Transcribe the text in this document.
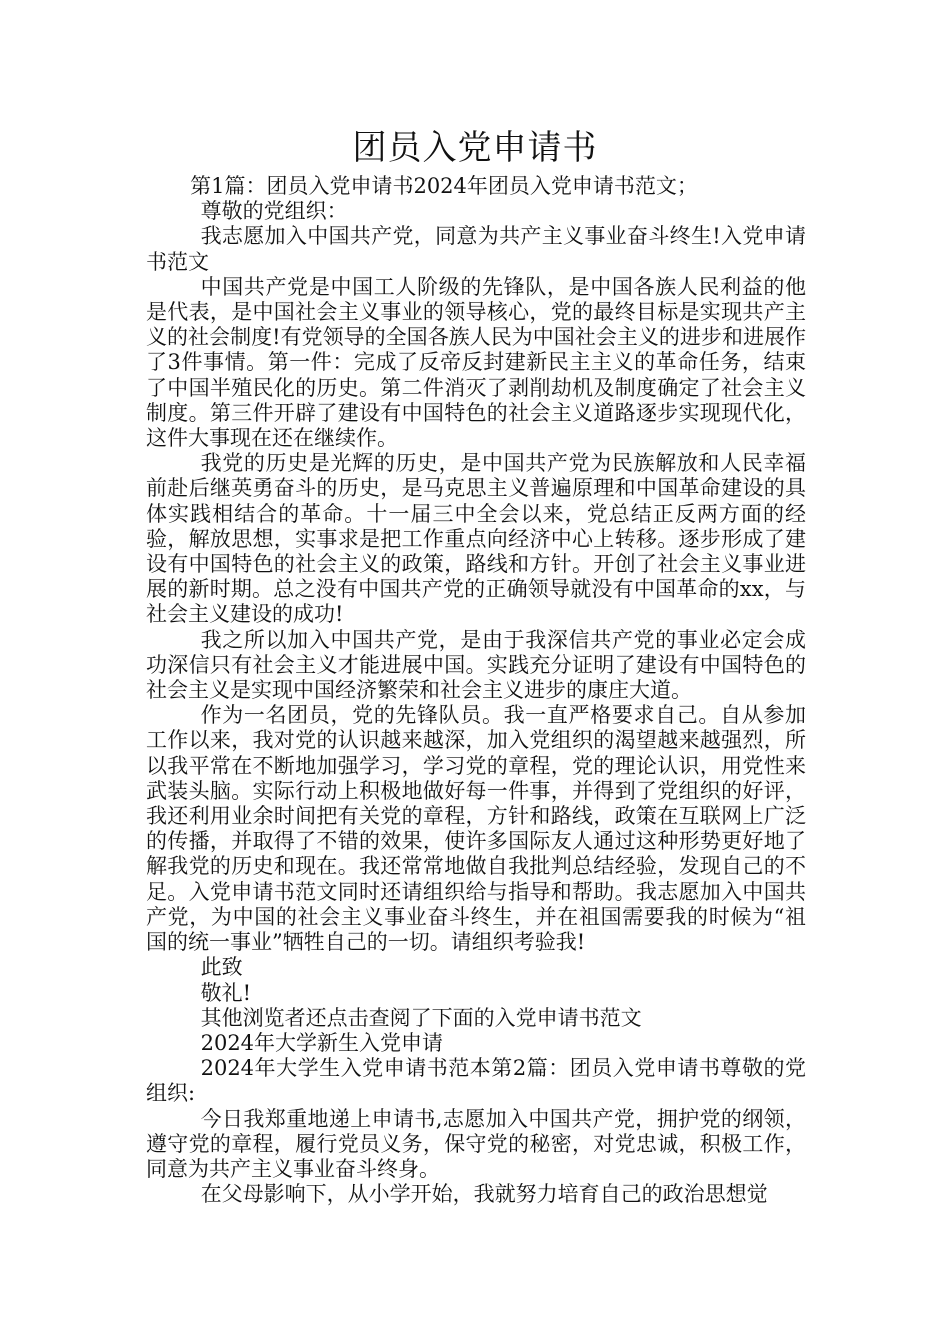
团员入党申请书

第1篇：团员入党申请书2024年团员入党申请书范文；

尊敬的党组织：

我志愿加入中国共产党，同意为共产主义事业奋斗终生!入党申请书范文

中国共产党是中国工人阶级的先锋队，是中国各族人民利益的他是代表，是中国社会主义事业的领导核心，党的最终目标是实现共产主义的社会制度!有党领导的全国各族人民为中国社会主义的进步和进展作了3件事情。第一件：完成了反帝反封建新民主主义的革命任务，结束了中国半殖民化的历史。第二件消灭了剥削劫机及制度确定了社会主义制度。第三件开辟了建设有中国特色的社会主义道路逐步实现现代化，这件大事现在还在继续作。

我党的历史是光辉的历史，是中国共产党为民族解放和人民幸福前赴后继英勇奋斗的历史，是马克思主义普遍原理和中国革命建设的具体实践相结合的革命。十一届三中全会以来，党总结正反两方面的经验，解放思想，实事求是把工作重点向经济中心上转移。逐步形成了建设有中国特色的社会主义的政策，路线和方针。开创了社会主义事业进展的新时期。总之没有中国共产党的正确领导就没有中国革命的xx，与社会主义建设的成功!

我之所以加入中国共产党，是由于我深信共产党的事业必定会成功深信只有社会主义才能进展中国。实践充分证明了建设有中国特色的社会主义是实现中国经济繁荣和社会主义进步的康庄大道。

作为一名团员，党的先锋队员。我一直严格要求自己。自从参加工作以来，我对党的认识越来越深，加入党组织的渴望越来越强烈，所以我平常在不断地加强学习，学习党的章程，党的理论认识，用党性来武装头脑。实际行动上积极地做好每一件事，并得到了党组织的好评，我还利用业余时间把有关党的章程，方针和路线，政策在互联网上广泛的传播，并取得了不错的效果，使许多国际友人通过这种形势更好地了解我党的历史和现在。我还常常地做自我批判总结经验，发现自己的不足。入党申请书范文同时还请组织给与指导和帮助。我志愿加入中国共产党，为中国的社会主义事业奋斗终生，并在祖国需要我的时候为“祖国的统一事业”牺牲自己的一切。请组织考验我!

此致

敬礼!

其他浏览者还点击查阅了下面的入党申请书范文

2024年大学新生入党申请

2024年大学生入党申请书范本第2篇：团员入党申请书尊敬的党组织:

今日我郑重地递上申请书,志愿加入中国共产党，拥护党的纲领，遵守党的章程，履行党员义务，保守党的秘密，对党忠诚，积极工作，同意为共产主义事业奋斗终身。

在父母影响下，从小学开始，我就努力培育自己的政治思想觉
